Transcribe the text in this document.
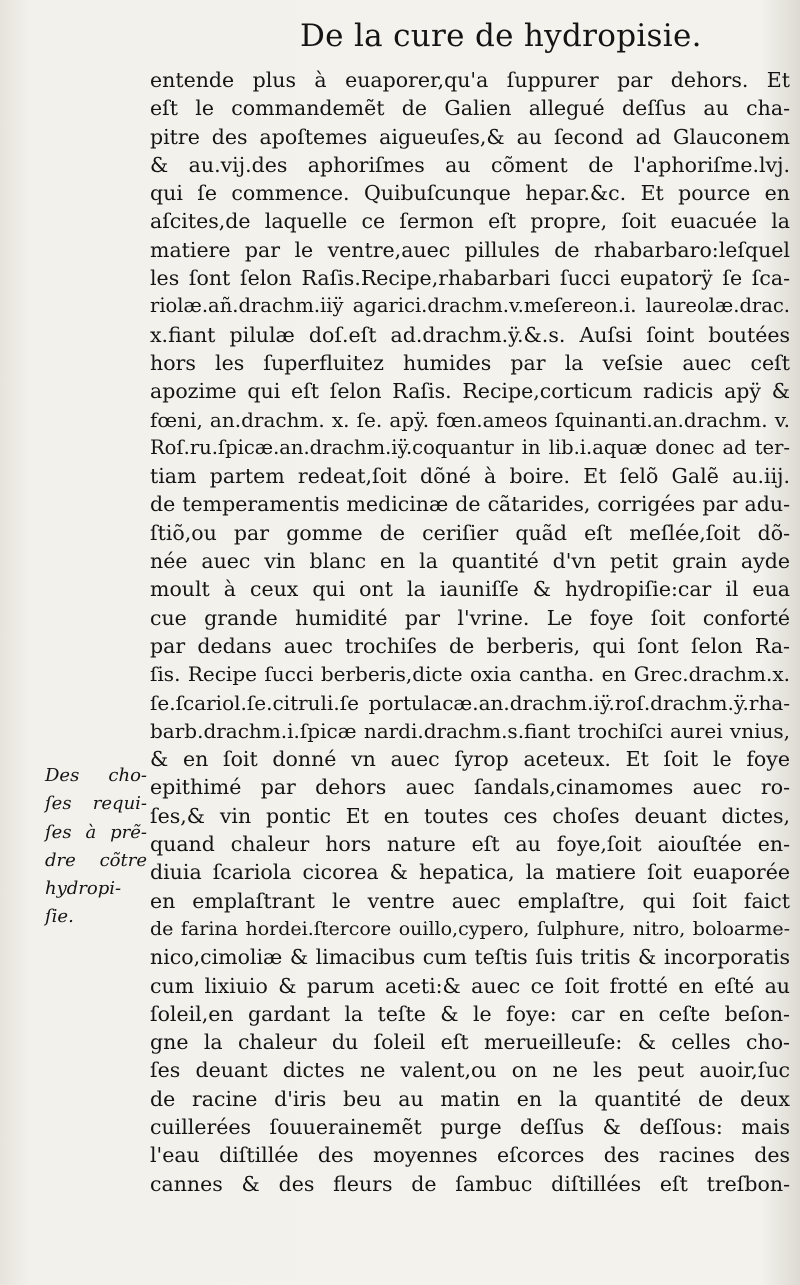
De la cure de hydropisie.
entende plus à euaporer,qu'a ſuppurer par dehors. Et
eſt le commandemẽt de Galien allegué deſſus au cha-
pitre des apoſtemes aigueuſes,& au ſecond ad Glauconem
& au.vij.des aphoriſmes au cõment de l'aphoriſme.lvj.
qui ſe commence. Quibuſcunque hepar.&c. Et pource en
aſcites,de laquelle ce ſermon eſt propre, ſoit euacuée la
matiere par le ventre,auec pillules de rhabarbaro:leſquel
les ſont ſelon Raſis.Recipe,rhabarbari ſucci eupatorÿ ſe ſca-
riolæ.añ.drachm.iiÿ agarici.drachm.v.meſereon.i. laureolæ.drac.
x.fiant pilulæ doſ.eſt ad.drachm.ÿ.&.s. Auſsi ſoint boutées
hors les ſuperfluitez humides par la veſsie auec ceſt
apozime qui eſt ſelon Raſis. Recipe,corticum radicis apÿ &
fœni, an.drachm. x. ſe. apÿ. fœn.ameos ſquinanti.an.drachm. v.
Roſ.ru.ſpicæ.an.drachm.iÿ.coquantur in lib.i.aquæ donec ad ter-
tiam partem redeat,ſoit dõné à boire. Et ſelõ Galẽ au.iij.
de temperamentis medicinæ de cãtarides, corrigées par adu-
ſtiõ,ou par gomme de ceriſier quãd eſt meſlée,ſoit dõ-
née auec vin blanc en la quantité d'vn petit grain ayde
moult à ceux qui ont la iauniſſe & hydropiſie:car il eua
cue grande humidité par l'vrine. Le foye ſoit conforté
par dedans auec trochiſes de berberis, qui ſont ſelon Ra-
ſis. Recipe ſucci berberis,dicte oxia cantha. en Grec.drachm.x.
ſe.ſcariol.ſe.citruli.ſe portulacæ.an.drachm.iÿ.roſ.drachm.ÿ.rha-
barb.drachm.i.ſpicæ nardi.drachm.s.fiant trochiſci aurei vnius,
& en ſoit donné vn auec ſyrop aceteux. Et ſoit le foye
epithimé par dehors auec ſandals,cinamomes auec ro-
ſes,& vin pontic Et en toutes ces choſes deuant dictes,
quand chaleur hors nature eſt au foye,ſoit aiouſtée en-
diuia ſcariola cicorea & hepatica, la matiere ſoit euaporée
en emplaſtrant le ventre auec emplaſtre, qui ſoit faict
de farina hordei.ſtercore ouillo,cypero, ſulphure, nitro, boloarme-
nico,cimoliæ & limacibus cum teſtis ſuis tritis & incorporatis
cum lixiuio & parum aceti:& auec ce ſoit frotté en eſté au
ſoleil,en gardant la teſte & le foye: car en ceſte beſon-
gne la chaleur du ſoleil eſt merueilleuſe: & celles cho-
ſes deuant dictes ne valent,ou on ne les peut auoir,ſuc
de racine d'iris beu au matin en la quantité de deux
cuillerées ſouuerainemẽt purge deſſus & deſſous: mais
l'eau diſtillée des moyennes eſcorces des racines des
cannes & des fleurs de ſambuc diſtillées eſt treſbon-
Des cho-
ſes requi-
ſes à prẽ-
dre cõtre
hydropi-
ſie.
